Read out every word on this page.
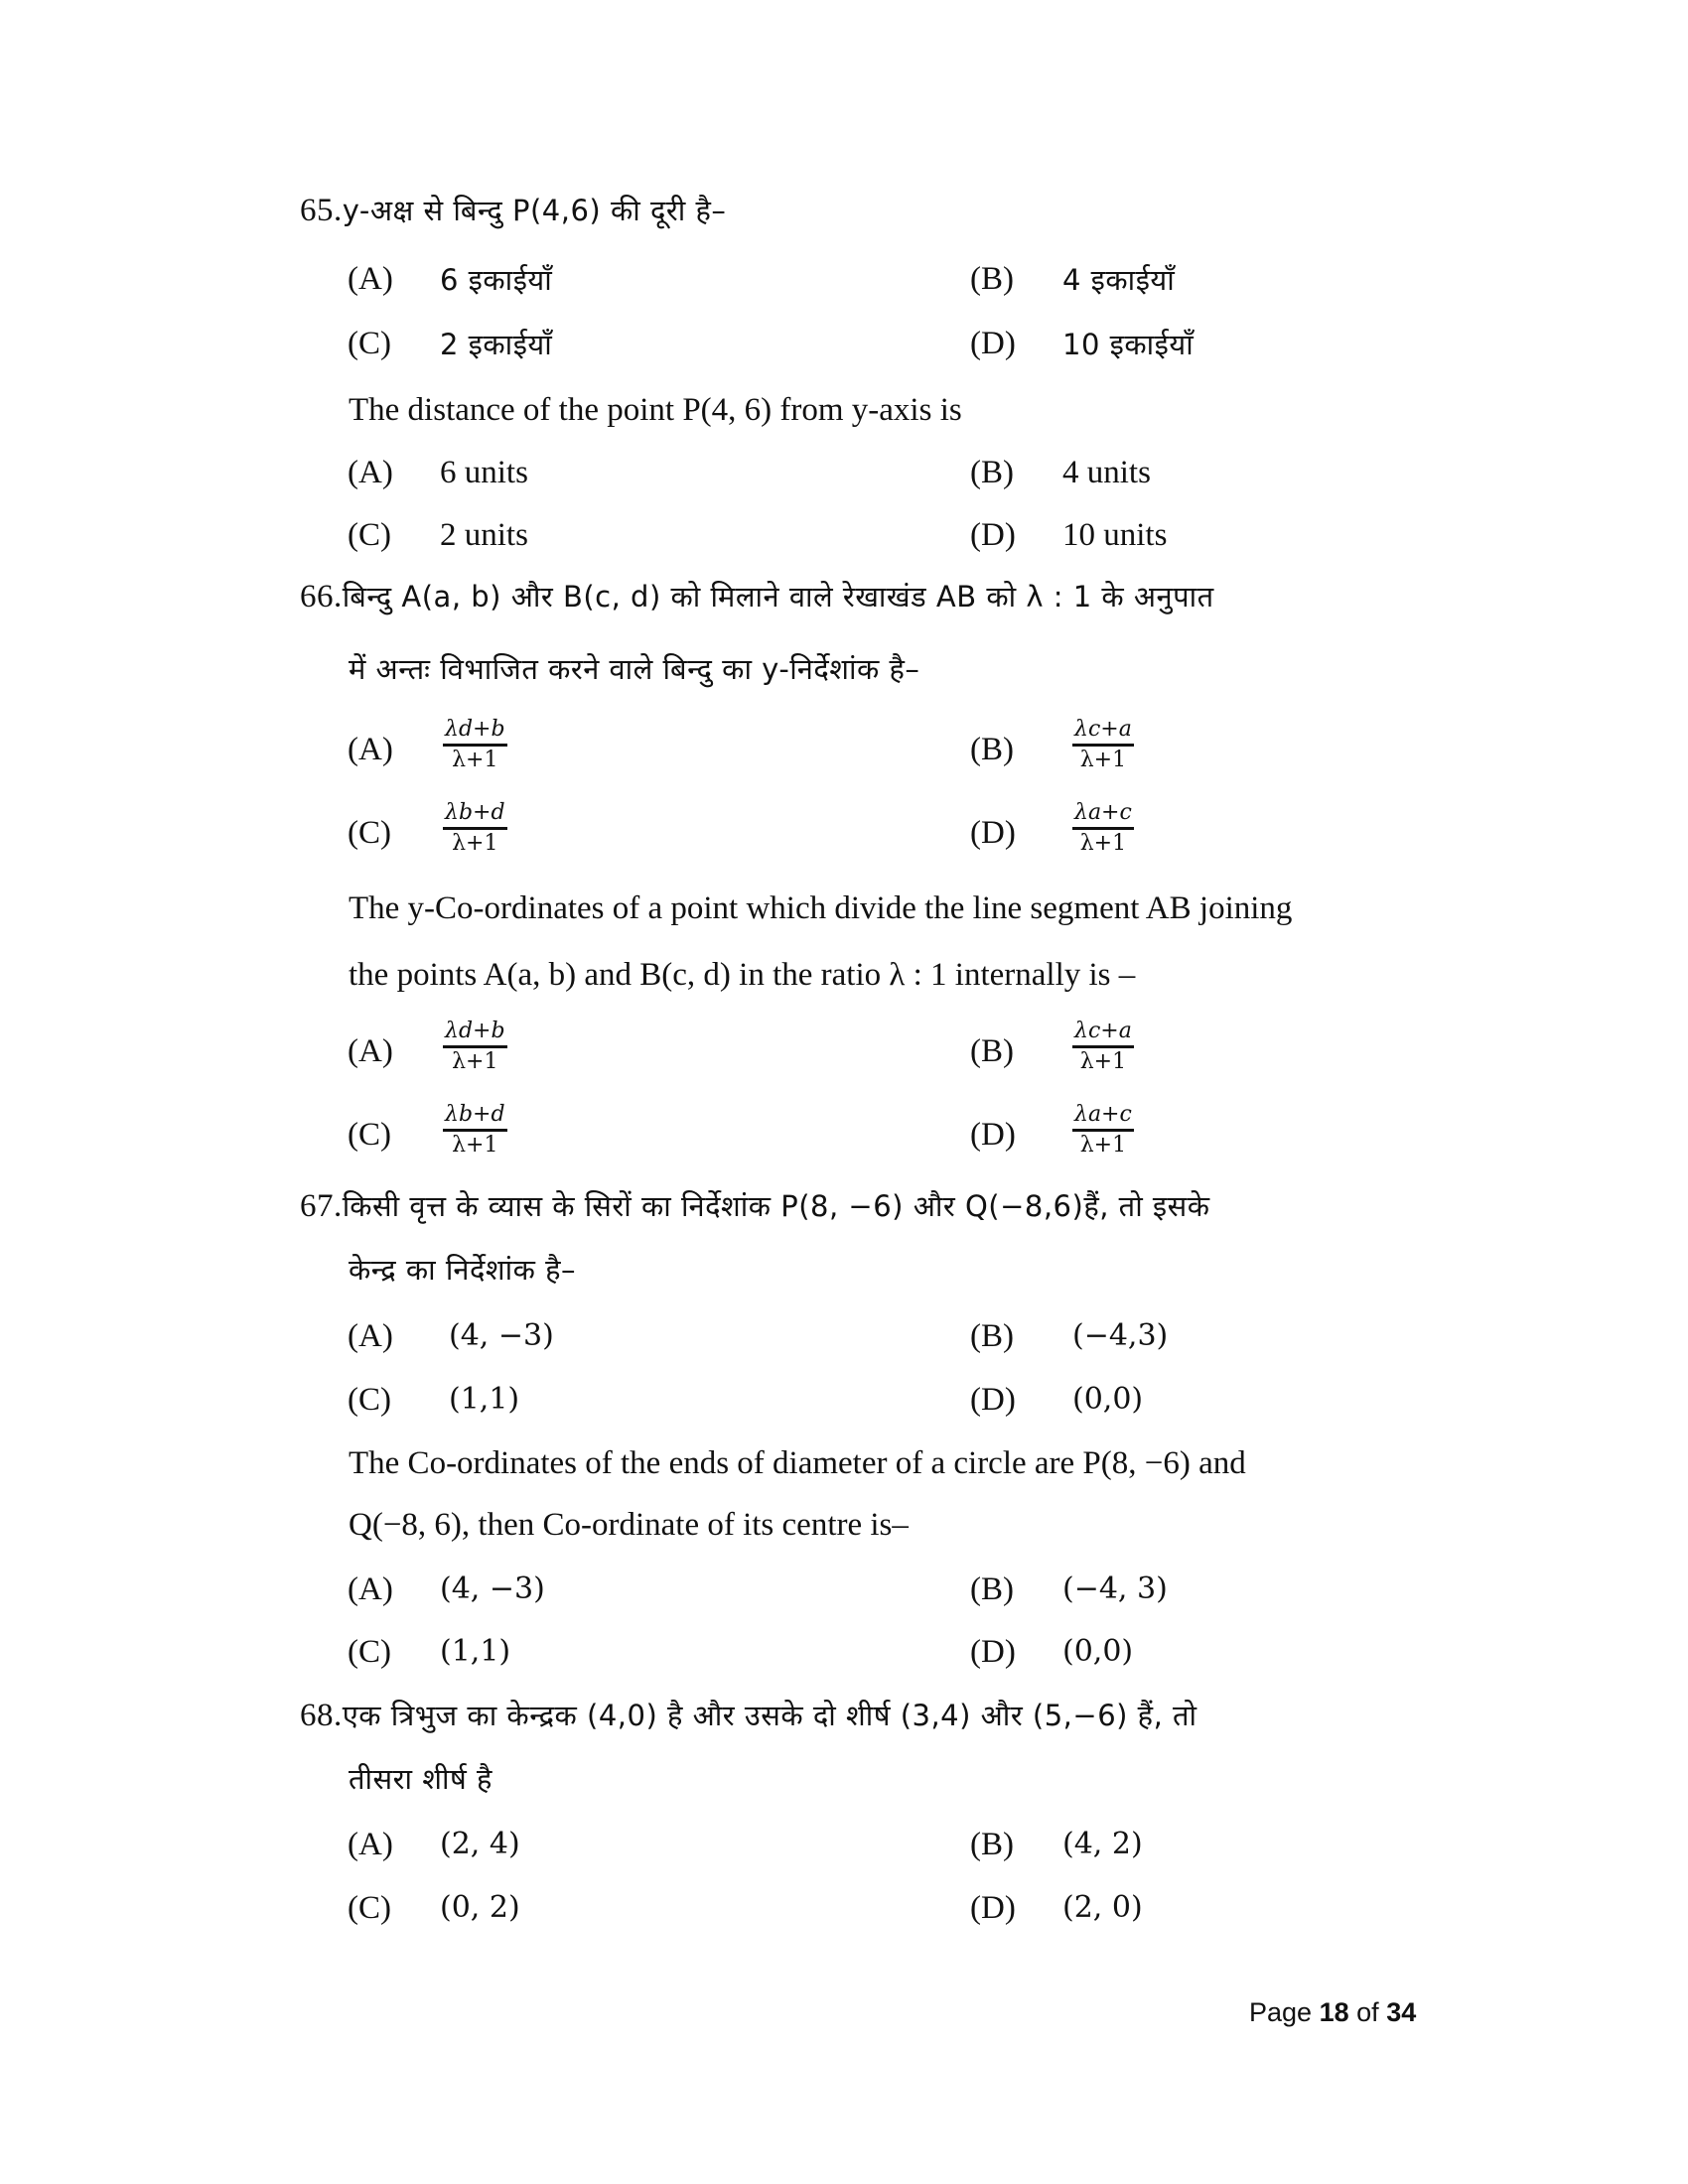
65.y-अक्ष से बिन्दु P(4,6) की दूरी है–
(A) 6 इकाईयाँ	(B) 4 इकाईयाँ
(C) 2 इकाईयाँ	(D) 10 इकाईयाँ
The distance of the point P(4, 6) from y-axis is
(A) 6 units	(B) 4 units
(C) 2 units	(D) 10 units
66.बिन्दु A(a, b) और B(c, d) को मिलाने वाले रेखाखंड AB को λ : 1 के अनुपात
में अन्तः विभाजित करने वाले बिन्दु का y-निर्देशांक है–
(A)
λd+b
λ+1	(B)
λc+a
λ+1
(C)
λb+d
λ+1	(D)
λa+c
λ+1
The y-Co-ordinates of a point which divide the line segment AB joining
the points A(a, b) and B(c, d) in the ratio λ : 1 internally is –
(A)
λd+b
λ+1	(B)
λc+a
λ+1
(C)
λb+d
λ+1	(D)
λa+c
λ+1
67.किसी वृत्त के व्यास के सिरों का निर्देशांक P(8, −6) और Q(−8,6)हैं, तो इसके
केन्द्र का निर्देशांक है–
(A) (4, −3)	(B) (−4,3)
(C) (1,1)	(D) (0,0)
The Co-ordinates of the ends of diameter of a circle are P(8, −6) and
Q(−8, 6), then Co-ordinate of its centre is–
(A) (4, −3)	(B) (−4, 3)
(C) (1,1)	(D) (0,0)
68.एक त्रिभुज का केन्द्रक (4,0) है और उसके दो शीर्ष (3,4) और (5,−6) हैं, तो
तीसरा शीर्ष है
(A) (2, 4)	(B) (4, 2)
(C) (0, 2)	(D) (2, 0)
Page 18 of 34
